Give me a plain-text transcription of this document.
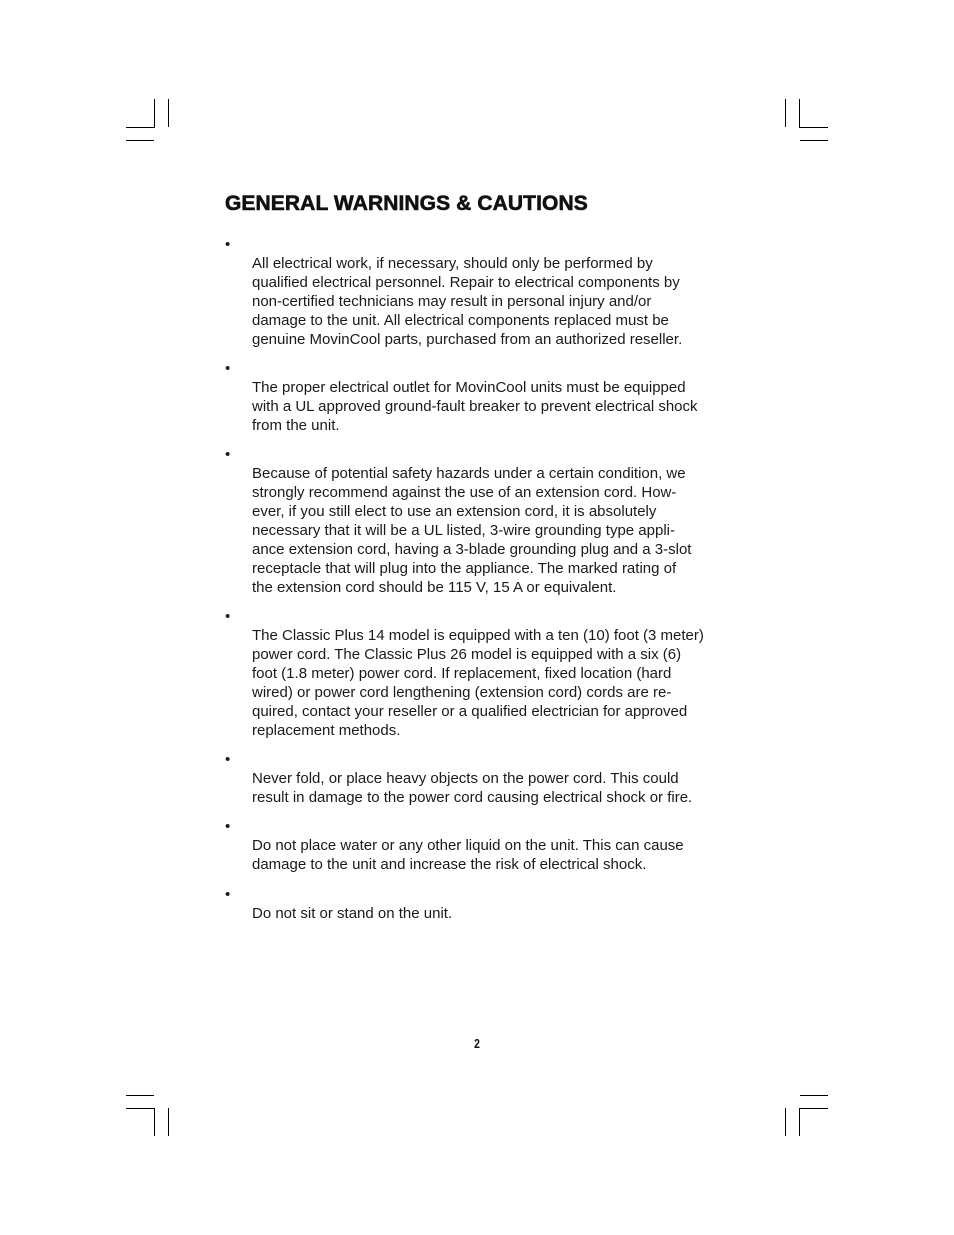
GENERAL WARNINGS & CAUTIONS

•
All electrical work, if necessary, should only be performed by
qualified electrical personnel. Repair to electrical components by
non-certified technicians may result in personal injury and/or
damage to the unit. All electrical components replaced must be
genuine MovinCool parts, purchased from an authorized reseller.

•
The proper electrical outlet for MovinCool units must be equipped
with a UL approved ground-fault breaker to prevent electrical shock
from the unit.

•
Because of potential safety hazards under a certain condition, we
strongly recommend against the use of an extension cord. How-
ever, if you still elect to use an extension cord, it is absolutely
necessary that it will be a UL listed, 3-wire grounding type appli-
ance extension cord, having a 3-blade grounding plug and a 3-slot
receptacle that will plug into the appliance. The marked rating of
the extension cord should be 115 V, 15 A or equivalent.

•
The Classic Plus 14 model is equipped with a ten (10) foot (3 meter)
power cord. The Classic Plus 26 model is equipped with a six (6)
foot (1.8 meter) power cord. If replacement, fixed location (hard
wired) or power cord lengthening (extension cord) cords are re-
quired, contact your reseller or a qualified electrician for approved
replacement methods.

•
Never fold, or place heavy objects on the power cord. This could
result in damage to the power cord causing electrical shock or fire.

•
Do not place water or any other liquid on the unit. This can cause
damage to the unit and increase the risk of electrical shock.

•
Do not sit or stand on the unit.

2
